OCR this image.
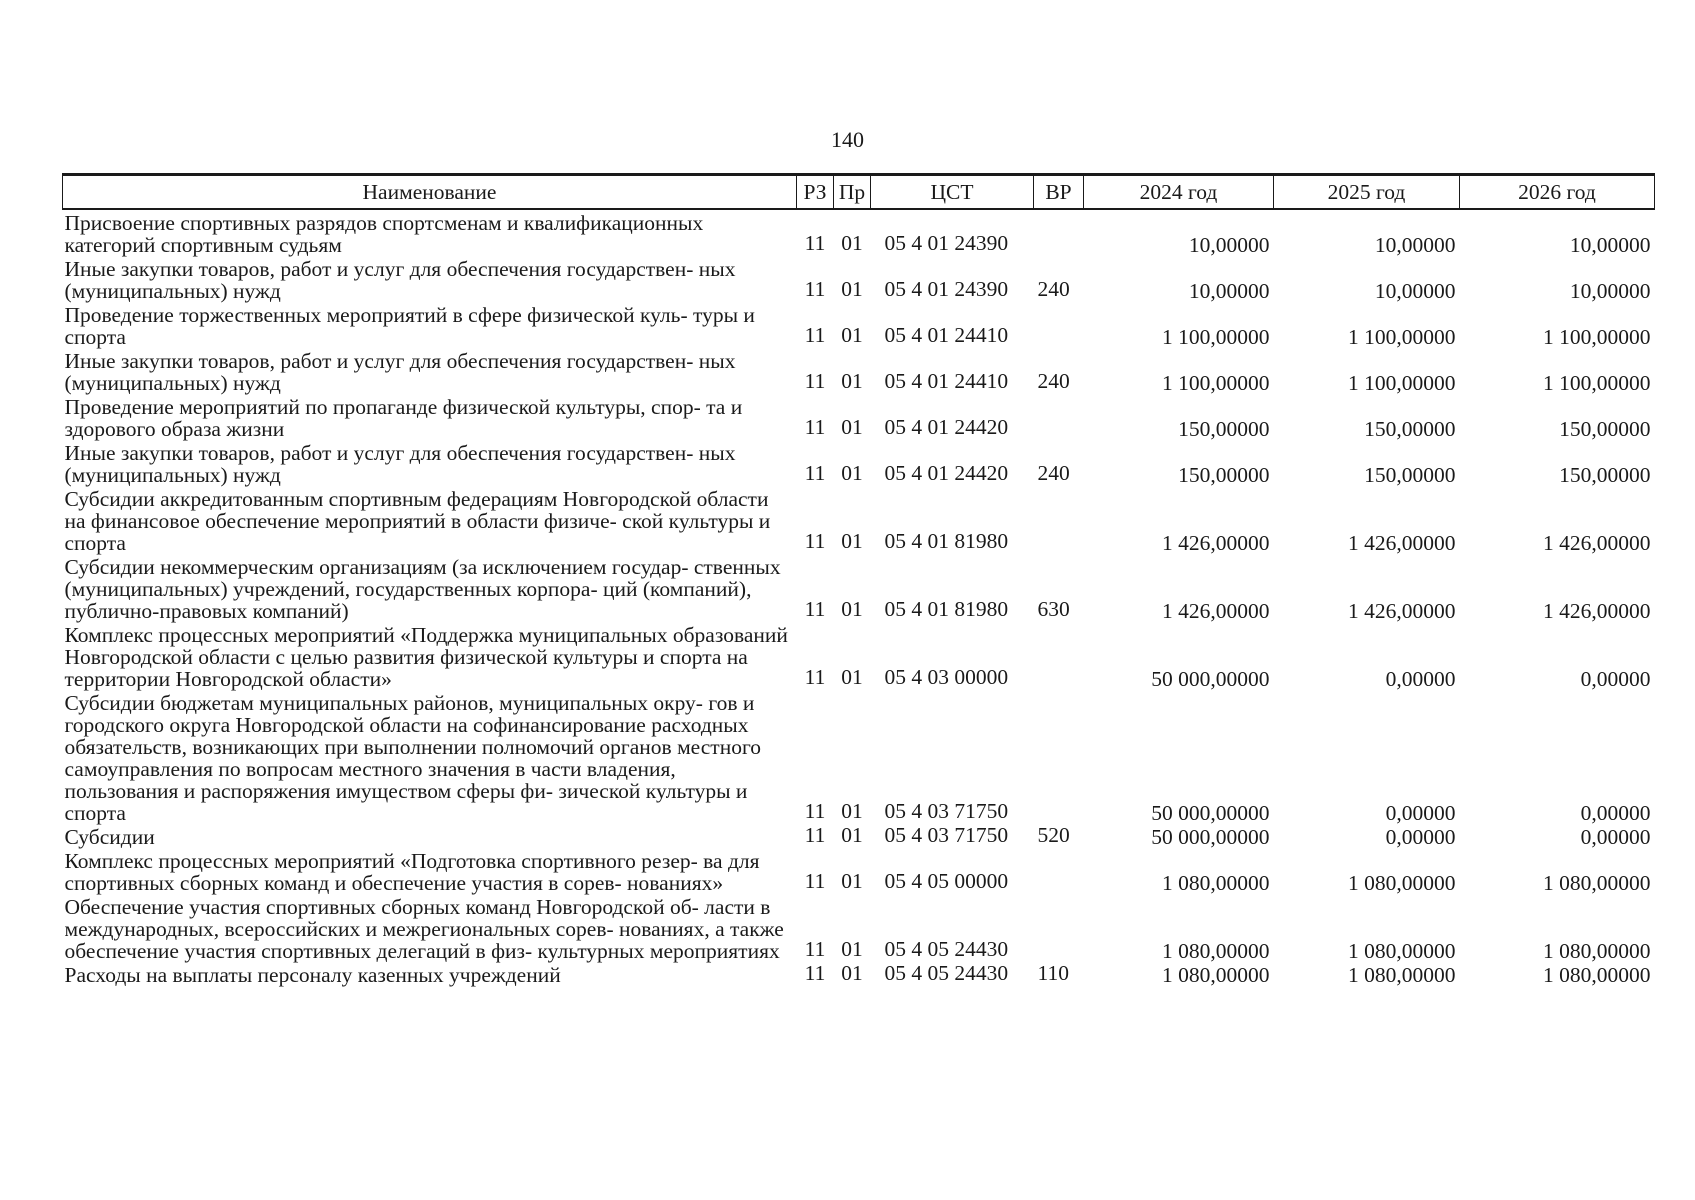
140
Наименование	РЗ	Пр	ЦСТ	ВР	2024 год	2025 год	2026 год
Присвоение спортивных разрядов спортсменам и квалификационных категорий спортивным судьям	11	01	05 4 01 24390		10,00000	10,00000	10,00000
Иные закупки товаров, работ и услуг для обеспечения государствен- ных (муниципальных) нужд	11	01	05 4 01 24390	240	10,00000	10,00000	10,00000
Проведение торжественных мероприятий в сфере физической куль- туры и спорта	11	01	05 4 01 24410		1 100,00000	1 100,00000	1 100,00000
Иные закупки товаров, работ и услуг для обеспечения государствен- ных (муниципальных) нужд	11	01	05 4 01 24410	240	1 100,00000	1 100,00000	1 100,00000
Проведение мероприятий по пропаганде физической культуры, спор- та и здорового образа жизни	11	01	05 4 01 24420		150,00000	150,00000	150,00000
Иные закупки товаров, работ и услуг для обеспечения государствен- ных (муниципальных) нужд	11	01	05 4 01 24420	240	150,00000	150,00000	150,00000
Субсидии аккредитованным спортивным федерациям Новгородской области на финансовое обеспечение мероприятий в области физиче- ской культуры и спорта	11	01	05 4 01 81980		1 426,00000	1 426,00000	1 426,00000
Субсидии некоммерческим организациям (за исключением государ- ственных (муниципальных) учреждений, государственных корпора- ций (компаний), публично-правовых компаний)	11	01	05 4 01 81980	630	1 426,00000	1 426,00000	1 426,00000
Комплекс процессных мероприятий «Поддержка муниципальных образований Новгородской области с целью развития физической культуры и спорта на территории Новгородской области»	11	01	05 4 03 00000		50 000,00000	0,00000	0,00000
Субсидии бюджетам муниципальных районов, муниципальных окру- гов и городского округа Новгородской области на софинансирование расходных обязательств, возникающих при выполнении полномочий органов местного самоуправления по вопросам местного значения в части владения, пользования и распоряжения имуществом сферы фи- зической культуры и спорта	11	01	05 4 03 71750		50 000,00000	0,00000	0,00000
Субсидии	11	01	05 4 03 71750	520	50 000,00000	0,00000	0,00000
Комплекс процессных мероприятий «Подготовка спортивного резер- ва для спортивных сборных команд и обеспечение участия в сорев- нованиях»	11	01	05 4 05 00000		1 080,00000	1 080,00000	1 080,00000
Обеспечение участия спортивных сборных команд Новгородской об- ласти в международных, всероссийских и межрегиональных сорев- нованиях, а также обеспечение участия спортивных делегаций в физ- культурных мероприятиях	11	01	05 4 05 24430		1 080,00000	1 080,00000	1 080,00000
Расходы на выплаты персоналу казенных учреждений	11	01	05 4 05 24430	110	1 080,00000	1 080,00000	1 080,00000
